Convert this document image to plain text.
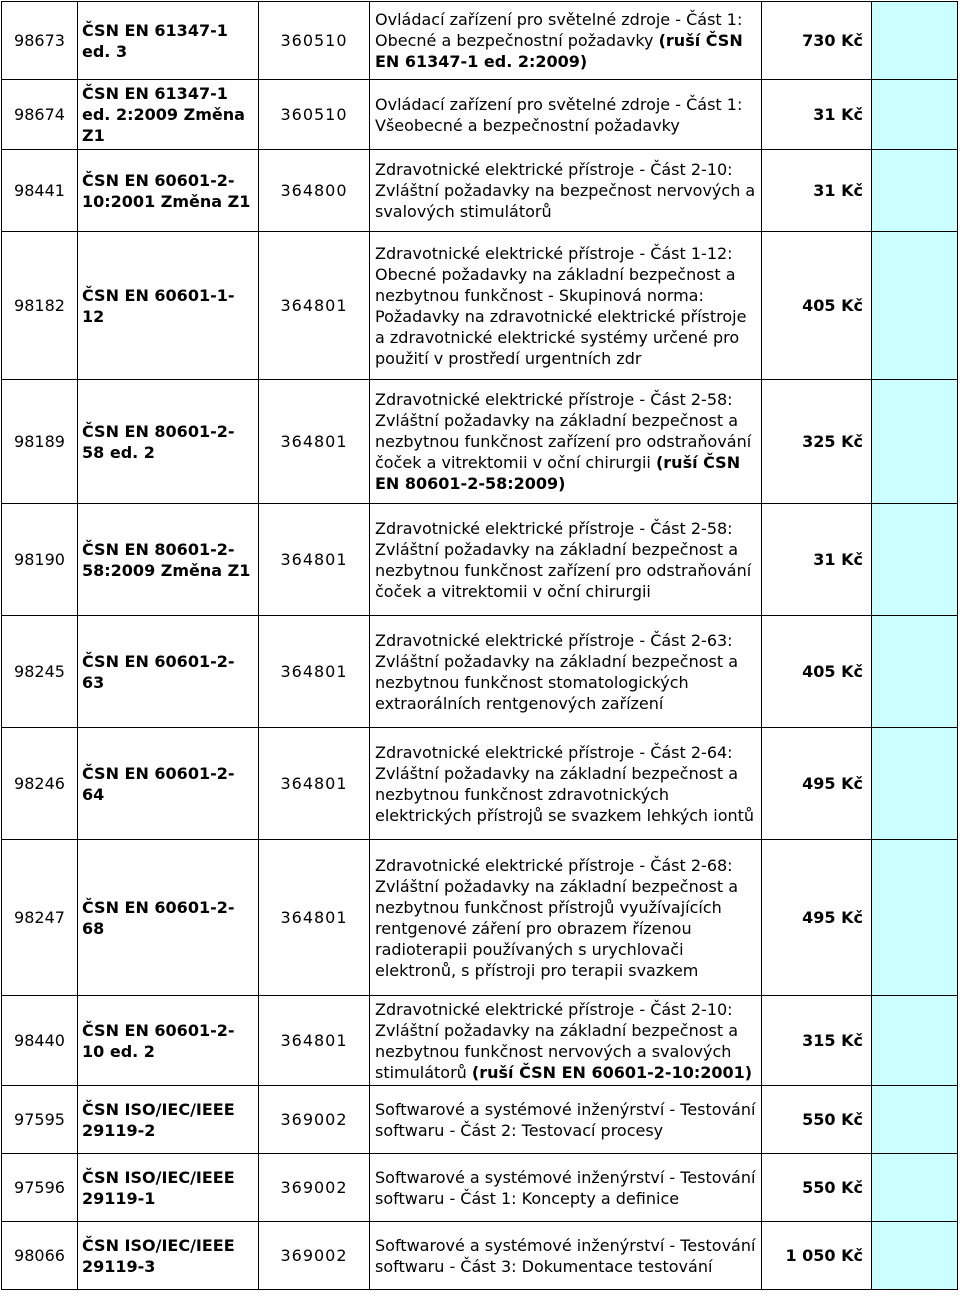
98673	ČSN EN 61347-1 ed. 3	360510	Ovládací zařízení pro světelné zdroje - Část 1: Obecné a bezpečnostní požadavky (ruší ČSN EN 61347-1 ed. 2:2009)	730 Kč	
98674	ČSN EN 61347-1 ed. 2:2009 Změna Z1	360510	Ovládací zařízení pro světelné zdroje - Část 1: Všeobecné a bezpečnostní požadavky	31 Kč	
98441	ČSN EN 60601-2-10:2001 Změna Z1	364800	Zdravotnické elektrické přístroje - Část 2-10: Zvláštní požadavky na bezpečnost nervových a svalových stimulátorů	31 Kč	
98182	ČSN EN 60601-1-12	364801	Zdravotnické elektrické přístroje - Část 1-12: Obecné požadavky na základní bezpečnost a nezbytnou funkčnost - Skupinová norma: Požadavky na zdravotnické elektrické přístroje a zdravotnické elektrické systémy určené pro použití v prostředí urgentních zdr	405 Kč	
98189	ČSN EN 80601-2-58 ed. 2	364801	Zdravotnické elektrické přístroje - Část 2-58: Zvláštní požadavky na základní bezpečnost a nezbytnou funkčnost zařízení pro odstraňování čoček a vitrektomii v oční chirurgii (ruší ČSN EN 80601-2-58:2009)	325 Kč	
98190	ČSN EN 80601-2-58:2009 Změna Z1	364801	Zdravotnické elektrické přístroje - Část 2-58: Zvláštní požadavky na základní bezpečnost a nezbytnou funkčnost zařízení pro odstraňování čoček a vitrektomii v oční chirurgii	31 Kč	
98245	ČSN EN 60601-2-63	364801	Zdravotnické elektrické přístroje - Část 2-63: Zvláštní požadavky na základní bezpečnost a nezbytnou funkčnost stomatologických extraorálních rentgenových zařízení	405 Kč	
98246	ČSN EN 60601-2-64	364801	Zdravotnické elektrické přístroje - Část 2-64: Zvláštní požadavky na základní bezpečnost a nezbytnou funkčnost zdravotnických elektrických přístrojů se svazkem lehkých iontů	495 Kč	
98247	ČSN EN 60601-2-68	364801	Zdravotnické elektrické přístroje - Část 2-68: Zvláštní požadavky na základní bezpečnost a nezbytnou funkčnost přístrojů využívajících rentgenové záření pro obrazem řízenou radioterapii používaných s urychlovači elektronů, s přístroji pro terapii svazkem	495 Kč	
98440	ČSN EN 60601-2-10 ed. 2	364801	Zdravotnické elektrické přístroje - Část 2-10: Zvláštní požadavky na základní bezpečnost a nezbytnou funkčnost nervových a svalových stimulátorů (ruší ČSN EN 60601-2-10:2001)	315 Kč	
97595	ČSN ISO/IEC/IEEE 29119-2	369002	Softwarové a systémové inženýrství - Testování softwaru - Část 2: Testovací procesy	550 Kč	
97596	ČSN ISO/IEC/IEEE 29119-1	369002	Softwarové a systémové inženýrství - Testování softwaru - Část 1: Koncepty a definice	550 Kč	
98066	ČSN ISO/IEC/IEEE 29119-3	369002	Softwarové a systémové inženýrství - Testování softwaru - Část 3: Dokumentace testování	1 050 Kč	
